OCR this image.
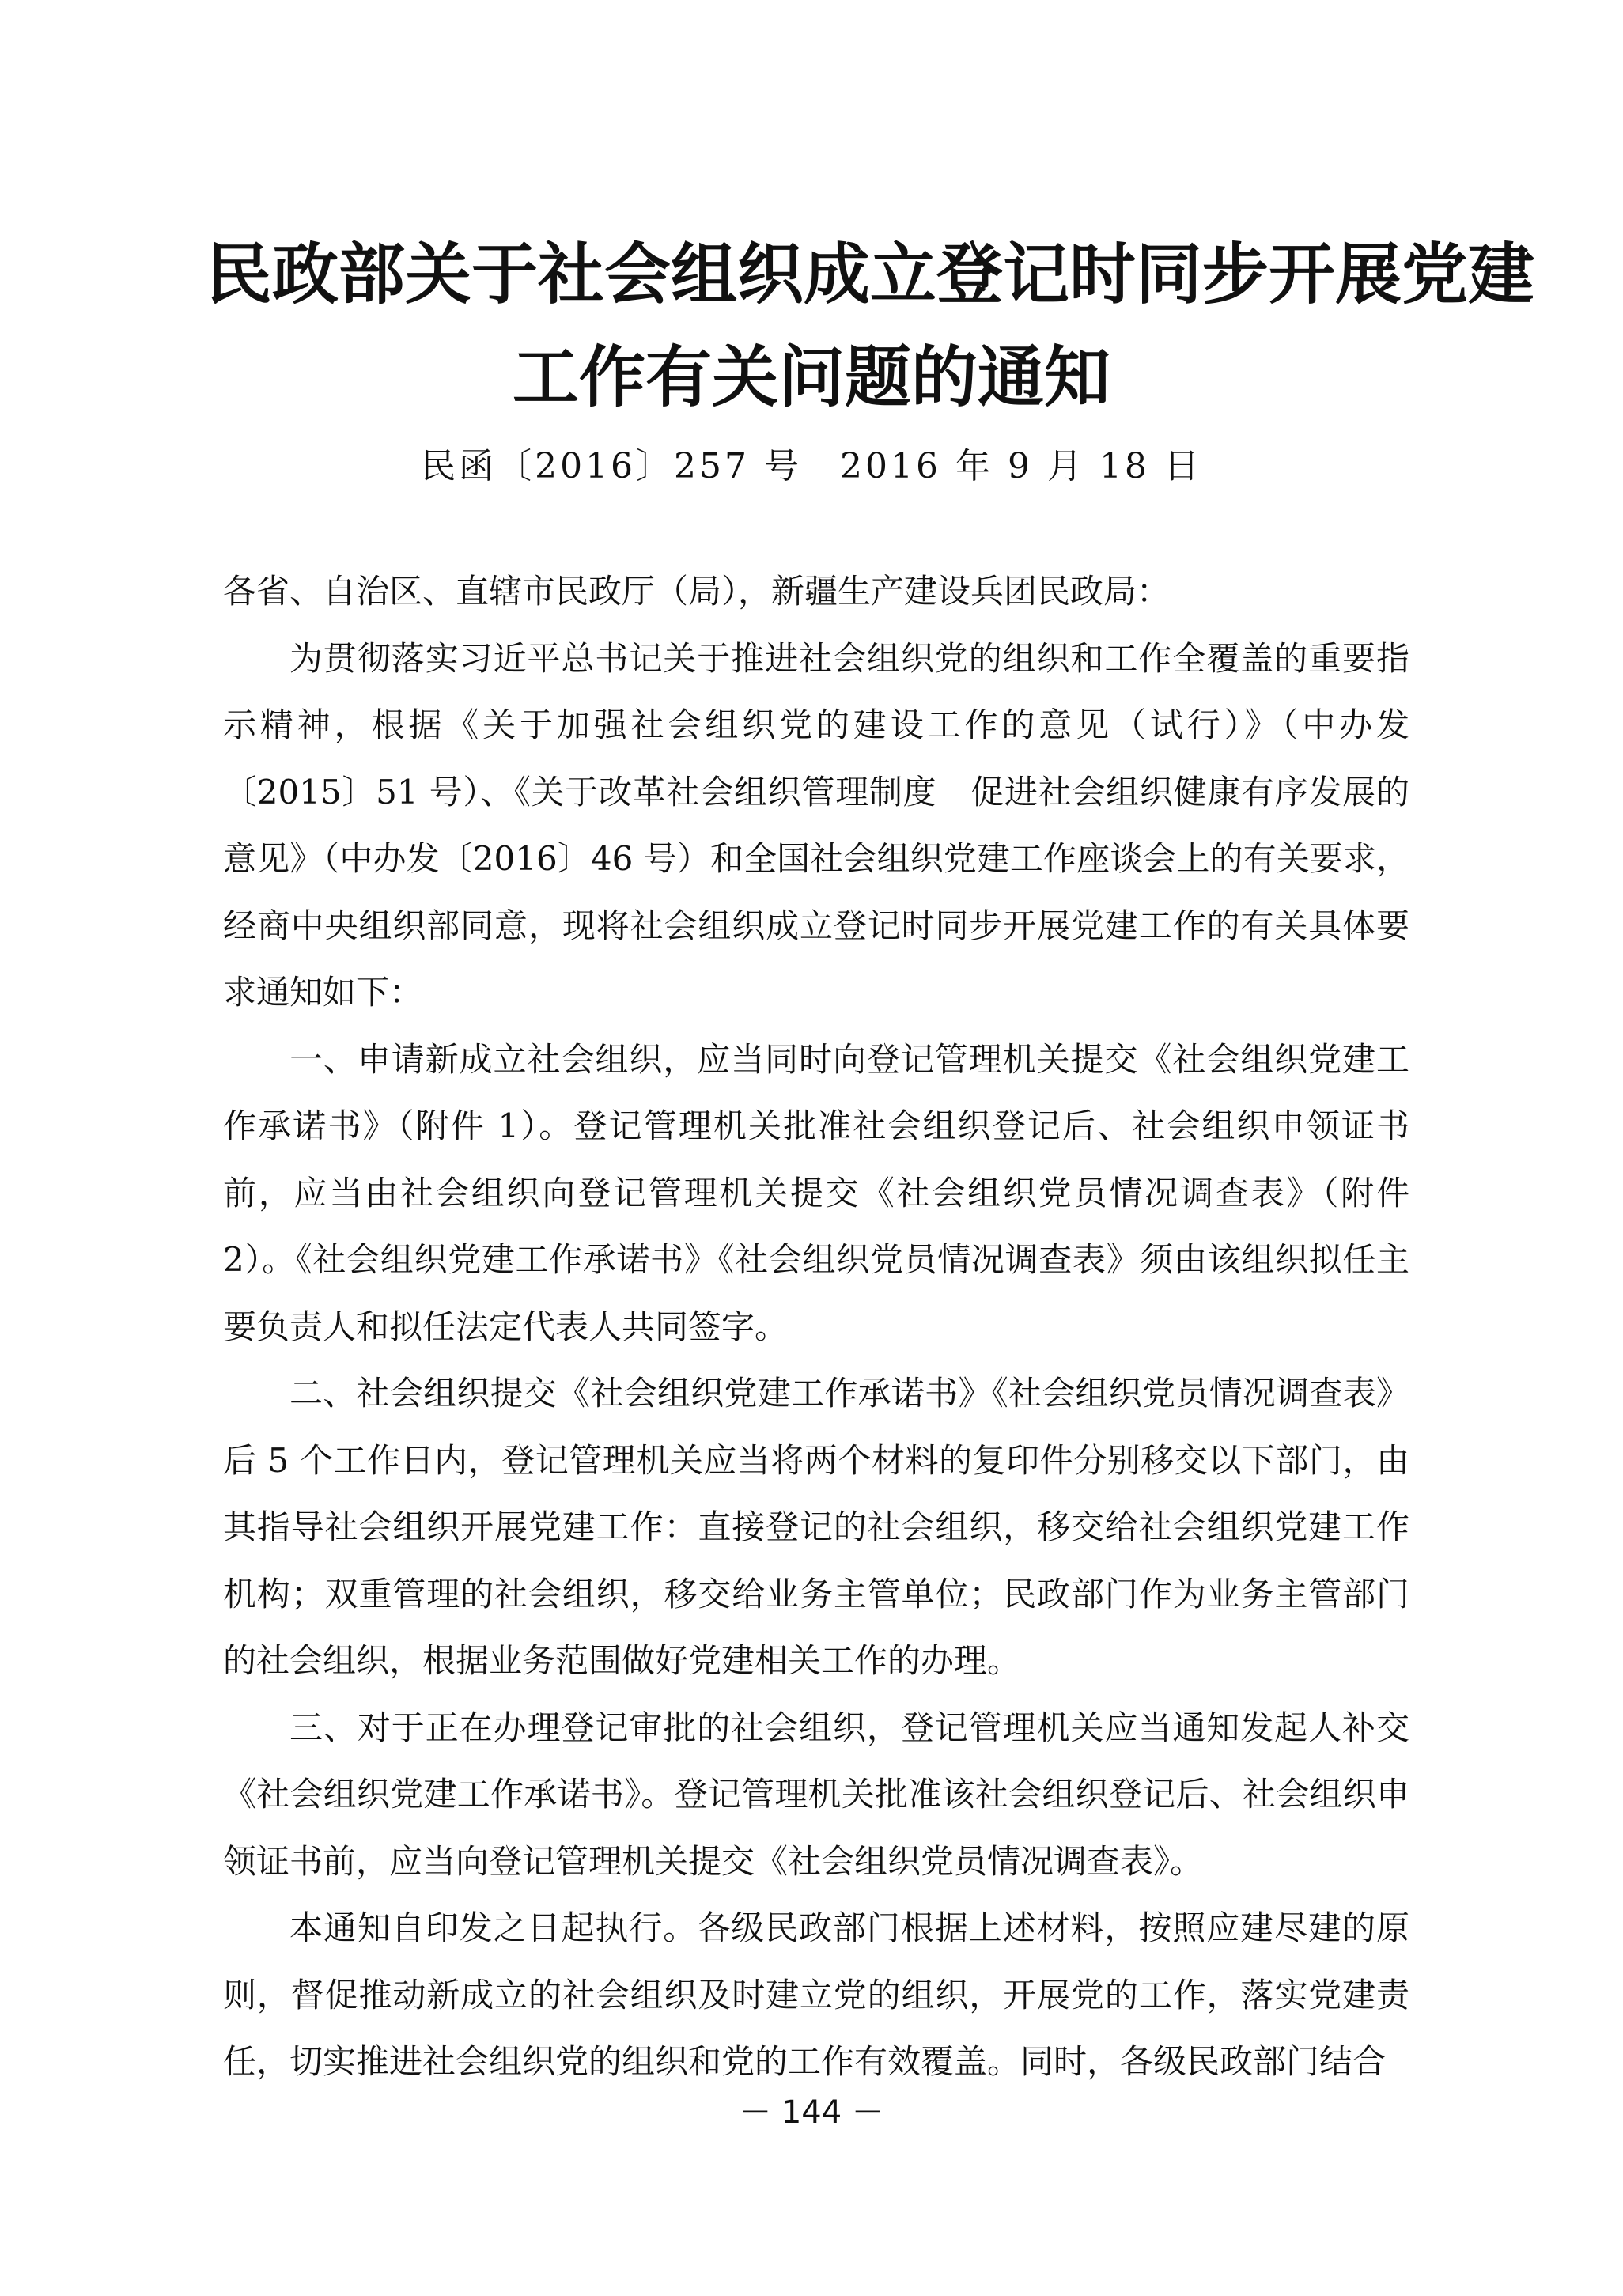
民政部关于社会组织成立登记时同步开展党建
工作有关问题的通知
民函〔2016〕257 号　2016 年 9 月 18 日

各省、自治区、直辖市民政厅（局），新疆生产建设兵团民政局：

为贯彻落实习近平总书记关于推进社会组织党的组织和工作全覆盖的重要指示精神，根据《关于加强社会组织党的建设工作的意见（试行）》（中办发〔2015〕51 号）、《关于改革社会组织管理制度　促进社会组织健康有序发展的意见》（中办发〔2016〕46 号）和全国社会组织党建工作座谈会上的有关要求，经商中央组织部同意，现将社会组织成立登记时同步开展党建工作的有关具体要求通知如下：

一、申请新成立社会组织，应当同时向登记管理机关提交《社会组织党建工作承诺书》（附件 1）。登记管理机关批准社会组织登记后、社会组织申领证书前，应当由社会组织向登记管理机关提交《社会组织党员情况调查表》（附件 2）。《社会组织党建工作承诺书》《社会组织党员情况调查表》须由该组织拟任主要负责人和拟任法定代表人共同签字。

二、社会组织提交《社会组织党建工作承诺书》《社会组织党员情况调查表》后 5 个工作日内，登记管理机关应当将两个材料的复印件分别移交以下部门，由其指导社会组织开展党建工作：直接登记的社会组织，移交给社会组织党建工作机构；双重管理的社会组织，移交给业务主管单位；民政部门作为业务主管部门的社会组织，根据业务范围做好党建相关工作的办理。

三、对于正在办理登记审批的社会组织，登记管理机关应当通知发起人补交《社会组织党建工作承诺书》。登记管理机关批准该社会组织登记后、社会组织申领证书前，应当向登记管理机关提交《社会组织党员情况调查表》。

本通知自印发之日起执行。各级民政部门根据上述材料，按照应建尽建的原则，督促推动新成立的社会组织及时建立党的组织，开展党的工作，落实党建责任，切实推进社会组织党的组织和党的工作有效覆盖。同时，各级民政部门结合

－ 144 －
